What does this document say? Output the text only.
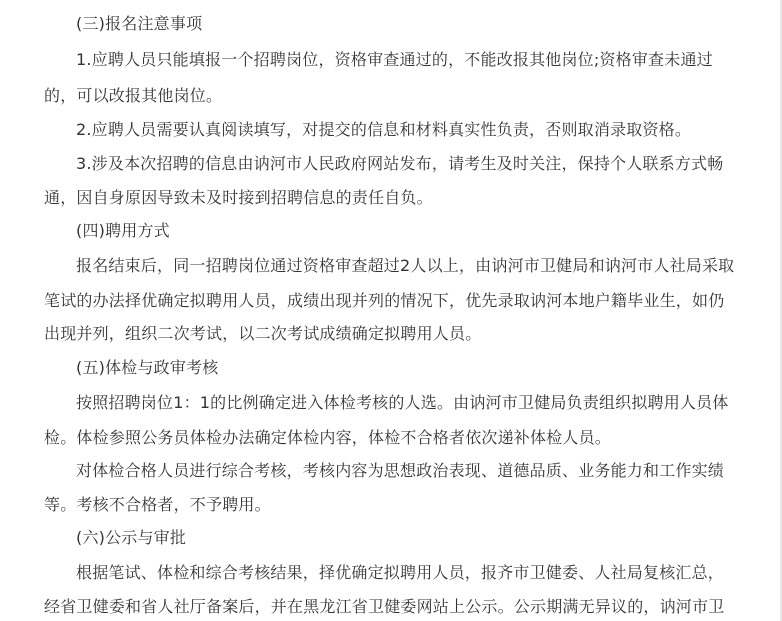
(三)报名注意事项
1.应聘人员只能填报一个招聘岗位，资格审查通过的，不能改报其他岗位;资格审查未通过
的，可以改报其他岗位。
2.应聘人员需要认真阅读填写，对提交的信息和材料真实性负责，否则取消录取资格。
3.涉及本次招聘的信息由讷河市人民政府网站发布，请考生及时关注，保持个人联系方式畅
通，因自身原因导致未及时接到招聘信息的责任自负。
(四)聘用方式
报名结束后，同一招聘岗位通过资格审查超过2人以上，由讷河市卫健局和讷河市人社局采取
笔试的办法择优确定拟聘用人员，成绩出现并列的情况下，优先录取讷河本地户籍毕业生，如仍
出现并列，组织二次考试，以二次考试成绩确定拟聘用人员。
(五)体检与政审考核
按照招聘岗位1：1的比例确定进入体检考核的人选。由讷河市卫健局负责组织拟聘用人员体
检。体检参照公务员体检办法确定体检内容，体检不合格者依次递补体检人员。
对体检合格人员进行综合考核，考核内容为思想政治表现、道德品质、业务能力和工作实绩
等。考核不合格者，不予聘用。
(六)公示与审批
根据笔试、体检和综合考核结果，择优确定拟聘用人员，报齐市卫健委、人社局复核汇总，
经省卫健委和省人社厅备案后，并在黑龙江省卫健委网站上公示。公示期满无异议的，讷河市卫
